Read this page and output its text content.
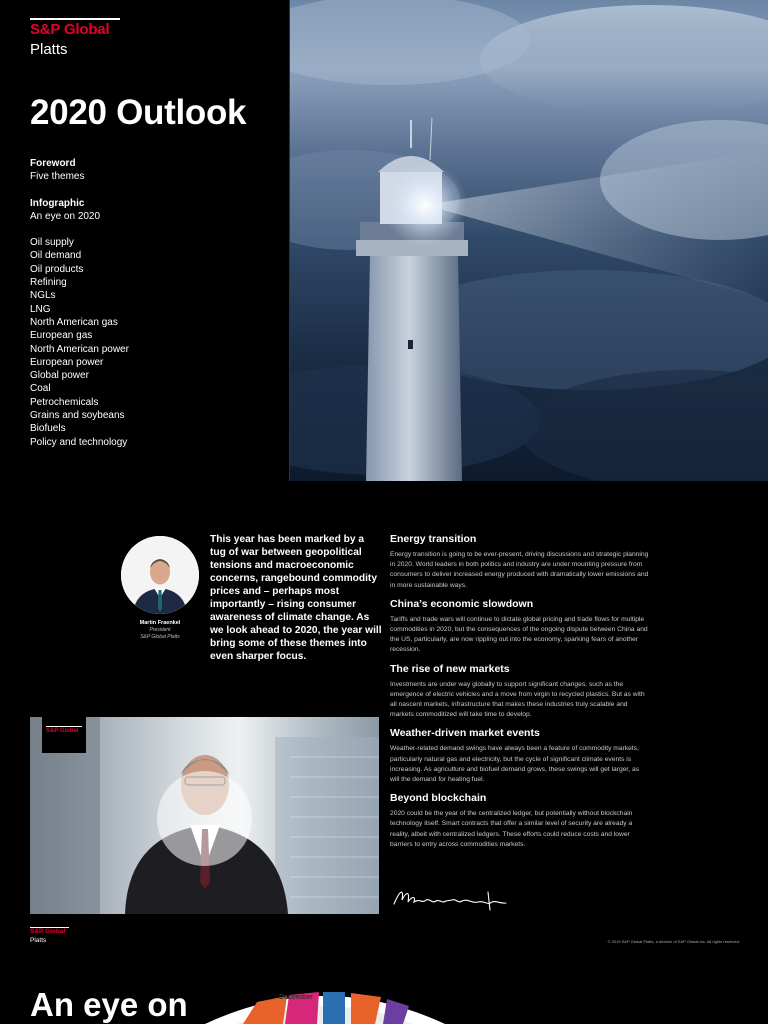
S&P Global
Platts
2020 Outlook
Foreword
Five themes
Infographic
An eye on 2020
Oil supply
Oil demand
Oil products
Refining
NGLs
LNG
North American gas
European gas
North American power
European power
Global power
Coal
Petrochemicals
Grains and soybeans
Biofuels
Policy and technology
Martin Fraenkel
President
S&P Global Platts

This year has been marked by a tug of war between geopolitical tensions and macroeconomic concerns, rangebound commodity prices and – perhaps most importantly – rising consumer awareness of climate change. As we look ahead to 2020, the year will bring some of these themes into even sharper focus.

Energy transition

Energy transition is going to be ever-present, driving discussions and strategic planning in 2020. World leaders in both politics and industry are under mounting pressure from consumers to deliver increased energy produced with dramatically lower emissions and in more sustainable ways.

China’s economic slowdown

Tariffs and trade wars will continue to dictate global pricing and trade flows for multiple commodities in 2020, but the consequences of the ongoing dispute between China and the US, particularly, are now rippling out into the economy, sparking fears of another recession.

The rise of new markets

Investments are under way globally to support significant changes, such as the emergence of electric vehicles and a move from virgin to recycled plastics. But as with all nascent markets, infrastructure that makes these industries truly scalable and markets commoditized will take time to develop.

Weather-driven market events

Weather-related demand swings have always been a feature of commodity markets, particularly natural gas and electricity, but the cycle of significant climate events is increasing. As agriculture and biofuel demand grows, these swings will get larger, as will the demand for heating fuel.

Beyond blockchain

2020 could be the year of the centralized ledger, but potentially without blockchain technology itself. Smart contracts that offer a similar level of security are already a reality, albeit with centralized ledgers. These efforts could reduce costs and lower barriers to entry across commodities markets.

S&P Global
S&P Global
Platts	© 2019 S&P Global Platts, a division of S&P Global Inc. All rights reserved.
An eye on	December
